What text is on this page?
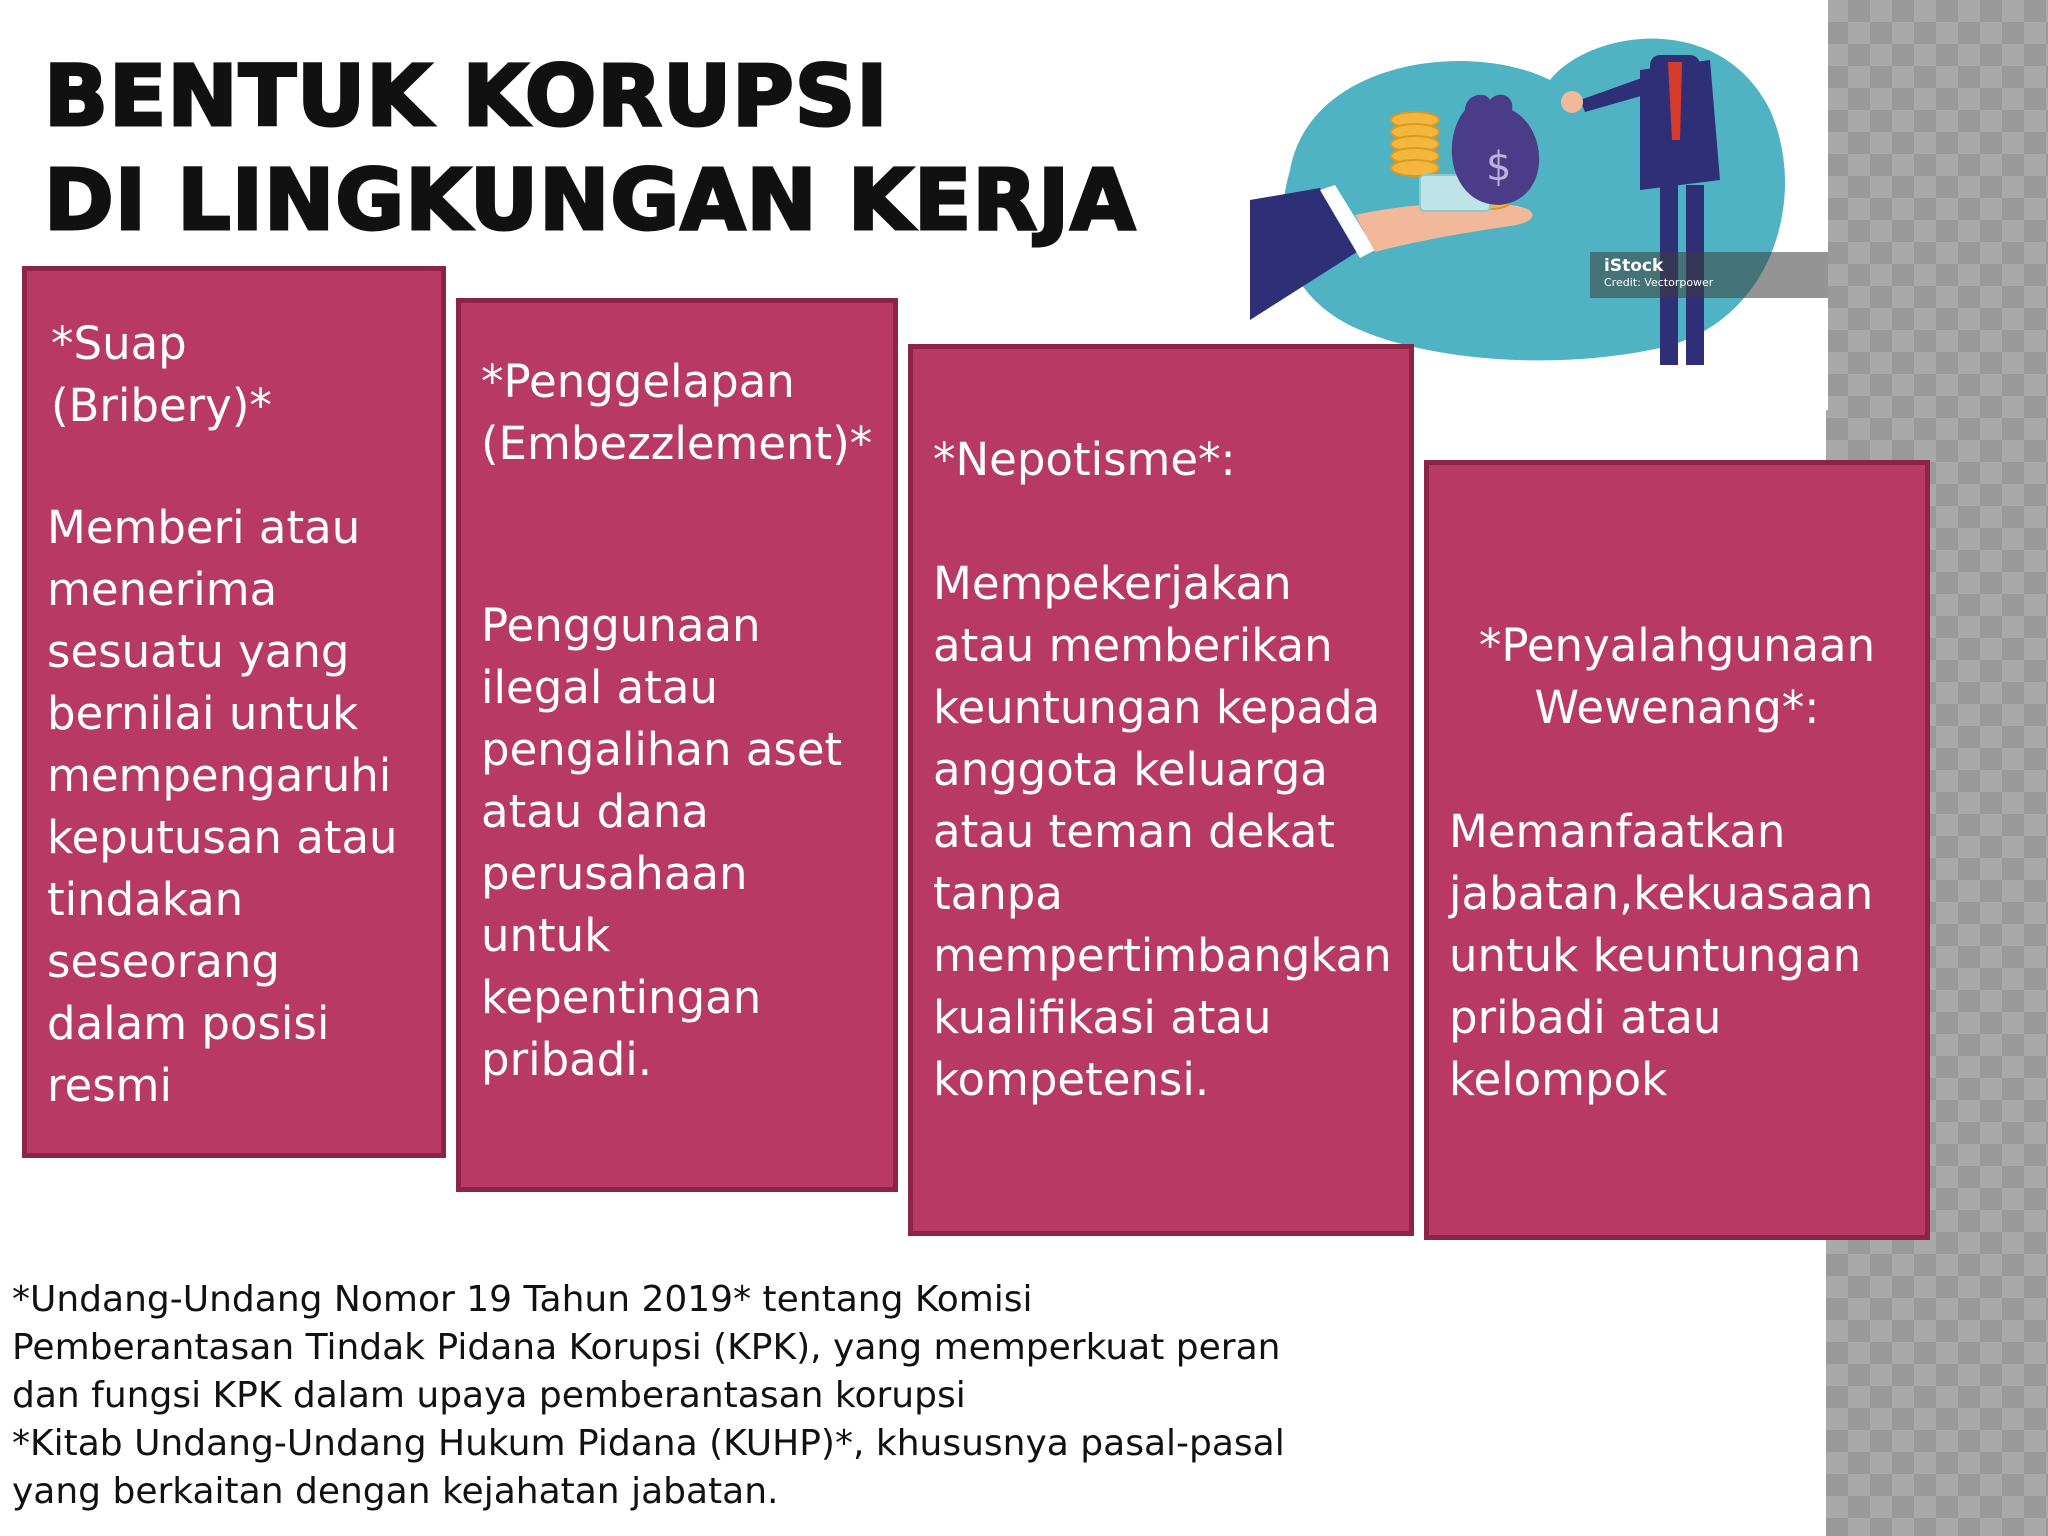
BENTUK KORUPSI
DI LINGKUNGAN KERJA	$
iStock
Credit: Vectorpower
*Suap (Bribery)*
Memberi atau menerima sesuatu yang bernilai untuk mempengaruhi keputusan atau tindakan seseorang dalam posisi resmi
*Penggelapan (Embezzlement)*
Penggunaan ilegal atau pengalihan aset atau dana perusahaan untuk kepentingan pribadi.
*Nepotisme*:
Mempekerjakan atau memberikan keuntungan kepada anggota keluarga atau teman dekat tanpa mempertimbangkan kualifikasi atau kompetensi.
*Penyalahgunaan Wewenang*:
Memanfaatkan jabatan,kekuasaan untuk keuntungan pribadi atau kelompok

*Undang-Undang Nomor 19 Tahun 2019* tentang Komisi Pemberantasan Tindak Pidana Korupsi (KPK), yang memperkuat peran dan fungsi KPK dalam upaya pemberantasan korupsi

*Kitab Undang-Undang Hukum Pidana (KUHP)*, khususnya pasal-pasal yang berkaitan dengan kejahatan jabatan.
